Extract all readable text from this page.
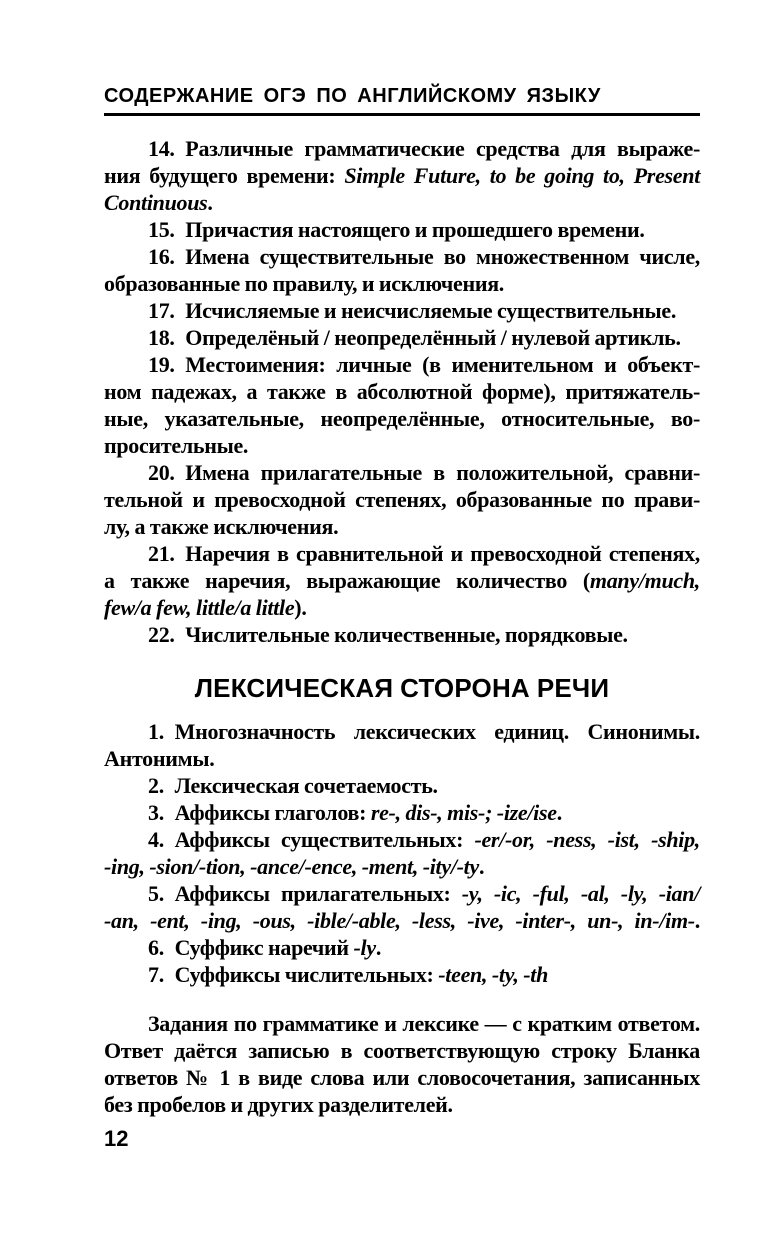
СОДЕРЖАНИЕ ОГЭ ПО АНГЛИЙСКОМУ ЯЗЫКУ
14. Различные грамматические средства для выраже-
ния будущего времени: Simple Future, to be going to, Present
Continuous.
15. Причастия настоящего и прошедшего времени.
16. Имена существительные во множественном числе,
образованные по правилу, и исключения.
17. Исчисляемые и неисчисляемые существительные.
18. Определёный / неопределённый / нулевой артикль.
19. Местоимения: личные (в именительном и объект-
ном падежах, а также в абсолютной форме), притяжатель-
ные, указательные, неопределённые, относительные, во-
просительные.
20. Имена прилагательные в положительной, сравни-
тельной и превосходной степенях, образованные по прави-
лу, а также исключения.
21. Наречия в сравнительной и превосходной степенях,
а также наречия, выражающие количество (many/much,
few/a few, little/a little).
22. Числительные количественные, порядковые.
ЛЕКСИЧЕСКАЯ СТОРОНА РЕЧИ
1. Многозначность лексических единиц. Синонимы.
Антонимы.
2. Лексическая сочетаемость.
3. Аффиксы глаголов: re-, dis-, mis-; -ize/ise.
4. Аффиксы существительных: -er/-or, -ness, -ist, -ship,
-ing, -sion/-tion, -ance/-ence, -ment, -ity/-ty.
5. Аффиксы прилагательных: -y, -ic, -ful, -al, -ly, -ian/
-an, -ent, -ing, -ous, -ible/-able, -less, -ive, -inter-, un-, in-/im-.
6. Суффикс наречий -ly.
7. Суффиксы числительных: -teen, -ty, -th
Задания по грамматике и лексике — с кратким ответом.
Ответ даётся записью в соответствующую строку Бланка
ответов № 1 в виде слова или словосочетания, записанных
без пробелов и других разделителей.
12
